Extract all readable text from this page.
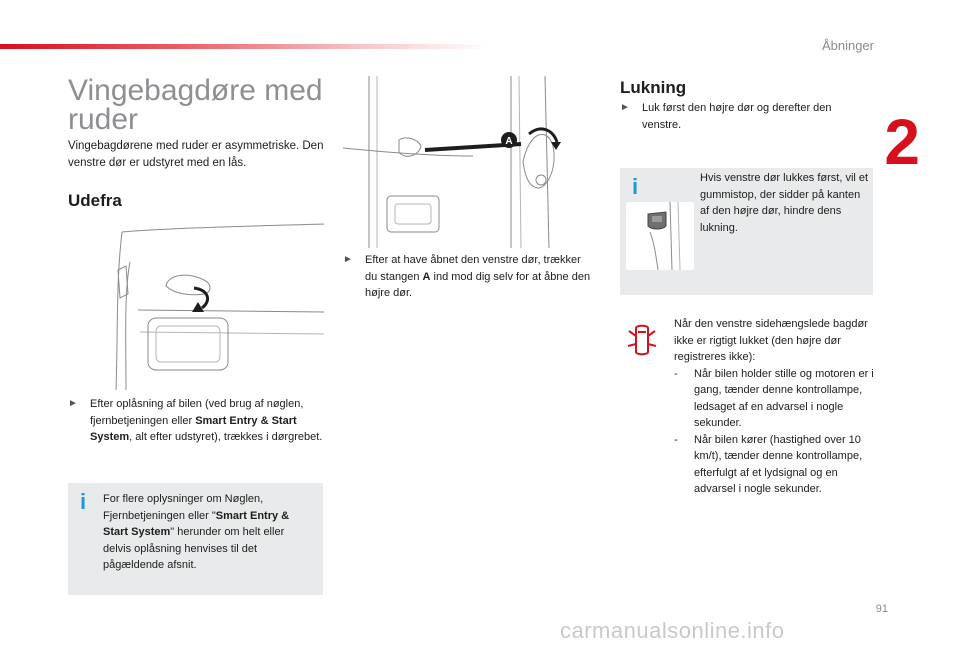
Åbninger
2
Vingebagdøre med ruder
Vingebagdørene med ruder er asymmetriske. Den venstre dør er udstyret med en lås.
Udefra
►	Efter oplåsning af bilen (ved brug af nøglen, fjernbetjeningen eller Smart Entry & Start System, alt efter udstyret), trækkes i dørgrebet.
i For flere oplysninger om Nøglen, Fjernbetjeningen eller "Smart Entry & Start System" herunder om helt eller delvis oplåsning henvises til det pågældende afsnit.
A
►	Efter at have åbnet den venstre dør, trækker du stangen A ind mod dig selv for at åbne den højre dør.
Lukning
►	Luk først den højre dør og derefter den venstre.
i	Hvis venstre dør lukkes først, vil et gummistop, der sidder på kanten af den højre dør, hindre dens lukning.
Når den venstre sidehængslede bagdør ikke er rigtigt lukket (den højre dør registreres ikke):
- Når bilen holder stille og motoren er i gang, tænder denne kontrollampe, ledsaget af en advarsel i nogle sekunder.
- Når bilen kører (hastighed over 10 km/t), tænder denne kontrollampe, efterfulgt af et lydsignal og en advarsel i nogle sekunder.
91
carmanualsonline.info
